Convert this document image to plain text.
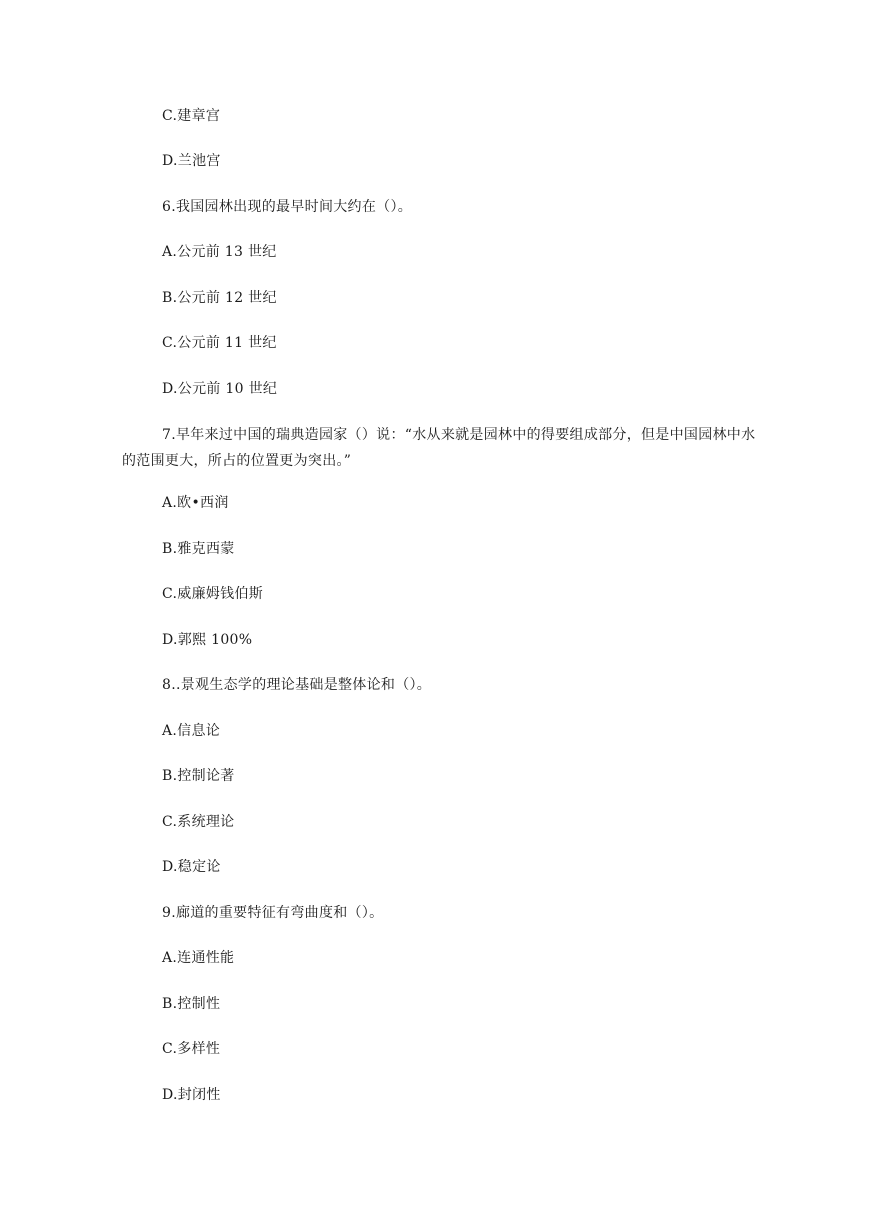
C.建章宫
D.兰池宫
6.我国园林出现的最早时间大约在（）。
A.公元前 13 世纪
B.公元前 12 世纪
C.公元前 11 世纪
D.公元前 10 世纪
7.早年来过中国的瑞典造园家（）说：“水从来就是园林中的得要组成部分，但是中国园林中水的范围更大，所占的位置更为突出。”
A.欧•西润
B.雅克西蒙
C.威廉姆钱伯斯
D.郭熙 100%
8..景观生态学的理论基础是整体论和（）。
A.信息论
B.控制论著
C.系统理论
D.稳定论
9.廊道的重要特征有弯曲度和（）。
A.连通性能
B.控制性
C.多样性
D.封闭性
